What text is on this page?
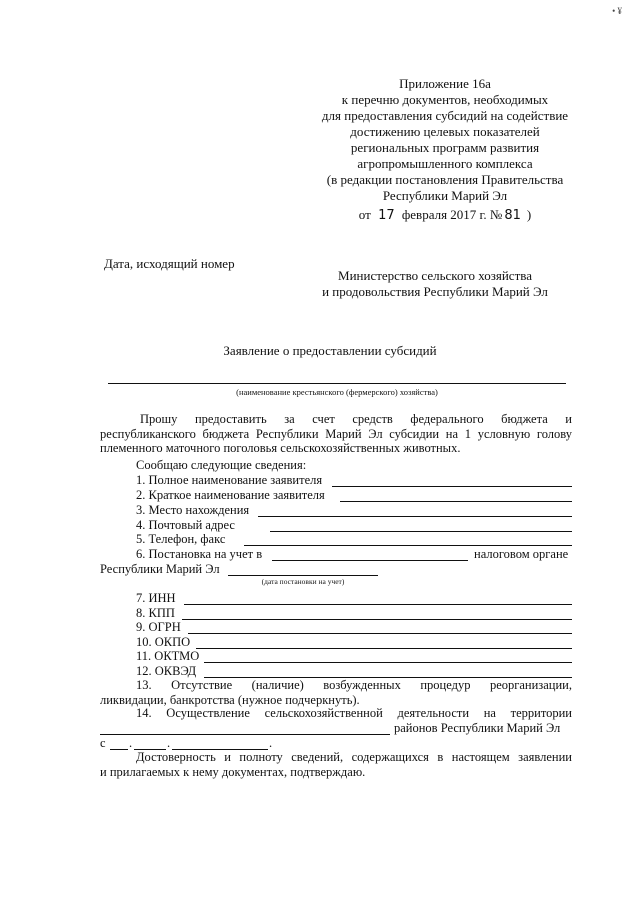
• ¥
Приложение 16а
к перечню документов, необходимых
для предоставления субсидий на содействие
достижению целевых показателей
региональных программ развития
агропромышленного комплекса
(в редакции постановления Правительства
Республики Марий Эл
от 17 февраля 2017 г. № 81 )
Дата, исходящий номер
Министерство сельского хозяйства
и продовольствия Республики Марий Эл
Заявление о предоставлении субсидий
(наименование крестьянского (фермерского) хозяйства)
Прошу предоставить за счет средств федерального бюджета и
республиканского бюджета Республики Марий Эл субсидии на 1 условную голову
племенного маточного поголовья сельскохозяйственных животных.
Сообщаю следующие сведения:
1. Полное наименование заявителя
2. Краткое наименование заявителя
3. Место нахождения
4. Почтовый адрес
5. Телефон, факс
6. Постановка на учет в	налоговом органе
Республики Марий Эл
(дата постановки на учет)
7. ИНН
8. КПП
9. ОГРН
10. ОКПО
11. ОКТМО
12. ОКВЭД
13. Отсутствие (наличие) возбужденных процедур реорганизации,
ликвидации, банкротства (нужное подчеркнуть).
14. Осуществление сельскохозяйственной деятельности на территории
районов Республики Марий Эл
с .	.	.
Достоверность и полноту сведений, содержащихся в настоящем заявлении
и прилагаемых к нему документах, подтверждаю.
